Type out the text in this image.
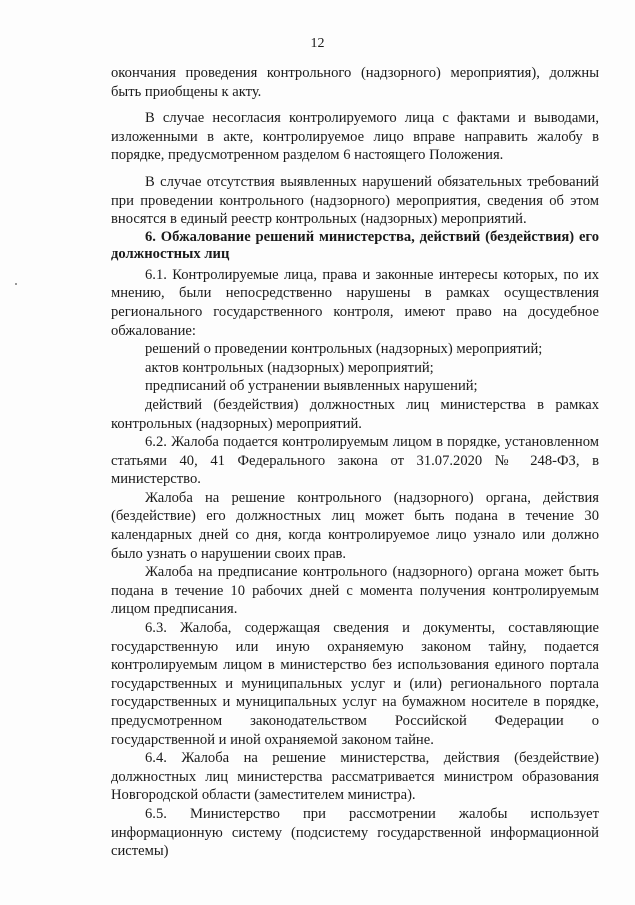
12

окончания проведения контрольного (надзорного) мероприятия), должны быть приобщены к акту.

В случае несогласия контролируемого лица с фактами и выводами, изложенными в акте, контролируемое лицо вправе направить жалобу в порядке, предусмотренном разделом 6 настоящего Положения.

В случае отсутствия выявленных нарушений обязательных требований при проведении контрольного (надзорного) мероприятия, сведения об этом вносятся в единый реестр контрольных (надзорных) мероприятий.

6. Обжалование решений министерства, действий (бездействия) его должностных лиц

6.1. Контролируемые лица, права и законные интересы которых, по их мнению, были непосредственно нарушены в рамках осуществления регионального государственного контроля, имеют право на досудебное обжалование:

решений о проведении контрольных (надзорных) мероприятий;

актов контрольных (надзорных) мероприятий;

предписаний об устранении выявленных нарушений;

действий (бездействия) должностных лиц министерства в рамках контрольных (надзорных) мероприятий.

6.2. Жалоба подается контролируемым лицом в порядке, установленном статьями 40, 41 Федерального закона от 31.07.2020 № 248-ФЗ, в министерство.

Жалоба на решение контрольного (надзорного) органа, действия (бездействие) его должностных лиц может быть подана в течение 30 календарных дней со дня, когда контролируемое лицо узнало или должно было узнать о нарушении своих прав.

Жалоба на предписание контрольного (надзорного) органа может быть подана в течение 10 рабочих дней с момента получения контролируемым лицом предписания.

6.3. Жалоба, содержащая сведения и документы, составляющие государственную или иную охраняемую законом тайну, подается контролируемым лицом в министерство без использования единого портала государственных и муниципальных услуг и (или) регионального портала государственных и муниципальных услуг на бумажном носителе в порядке, предусмотренном законодательством Российской Федерации о государственной и иной охраняемой законом тайне.

6.4. Жалоба на решение министерства, действия (бездействие) должностных лиц министерства рассматривается министром образования Новгородской области (заместителем министра).

6.5. Министерство при рассмотрении жалобы использует информационную систему (подсистему государственной информационной системы)
